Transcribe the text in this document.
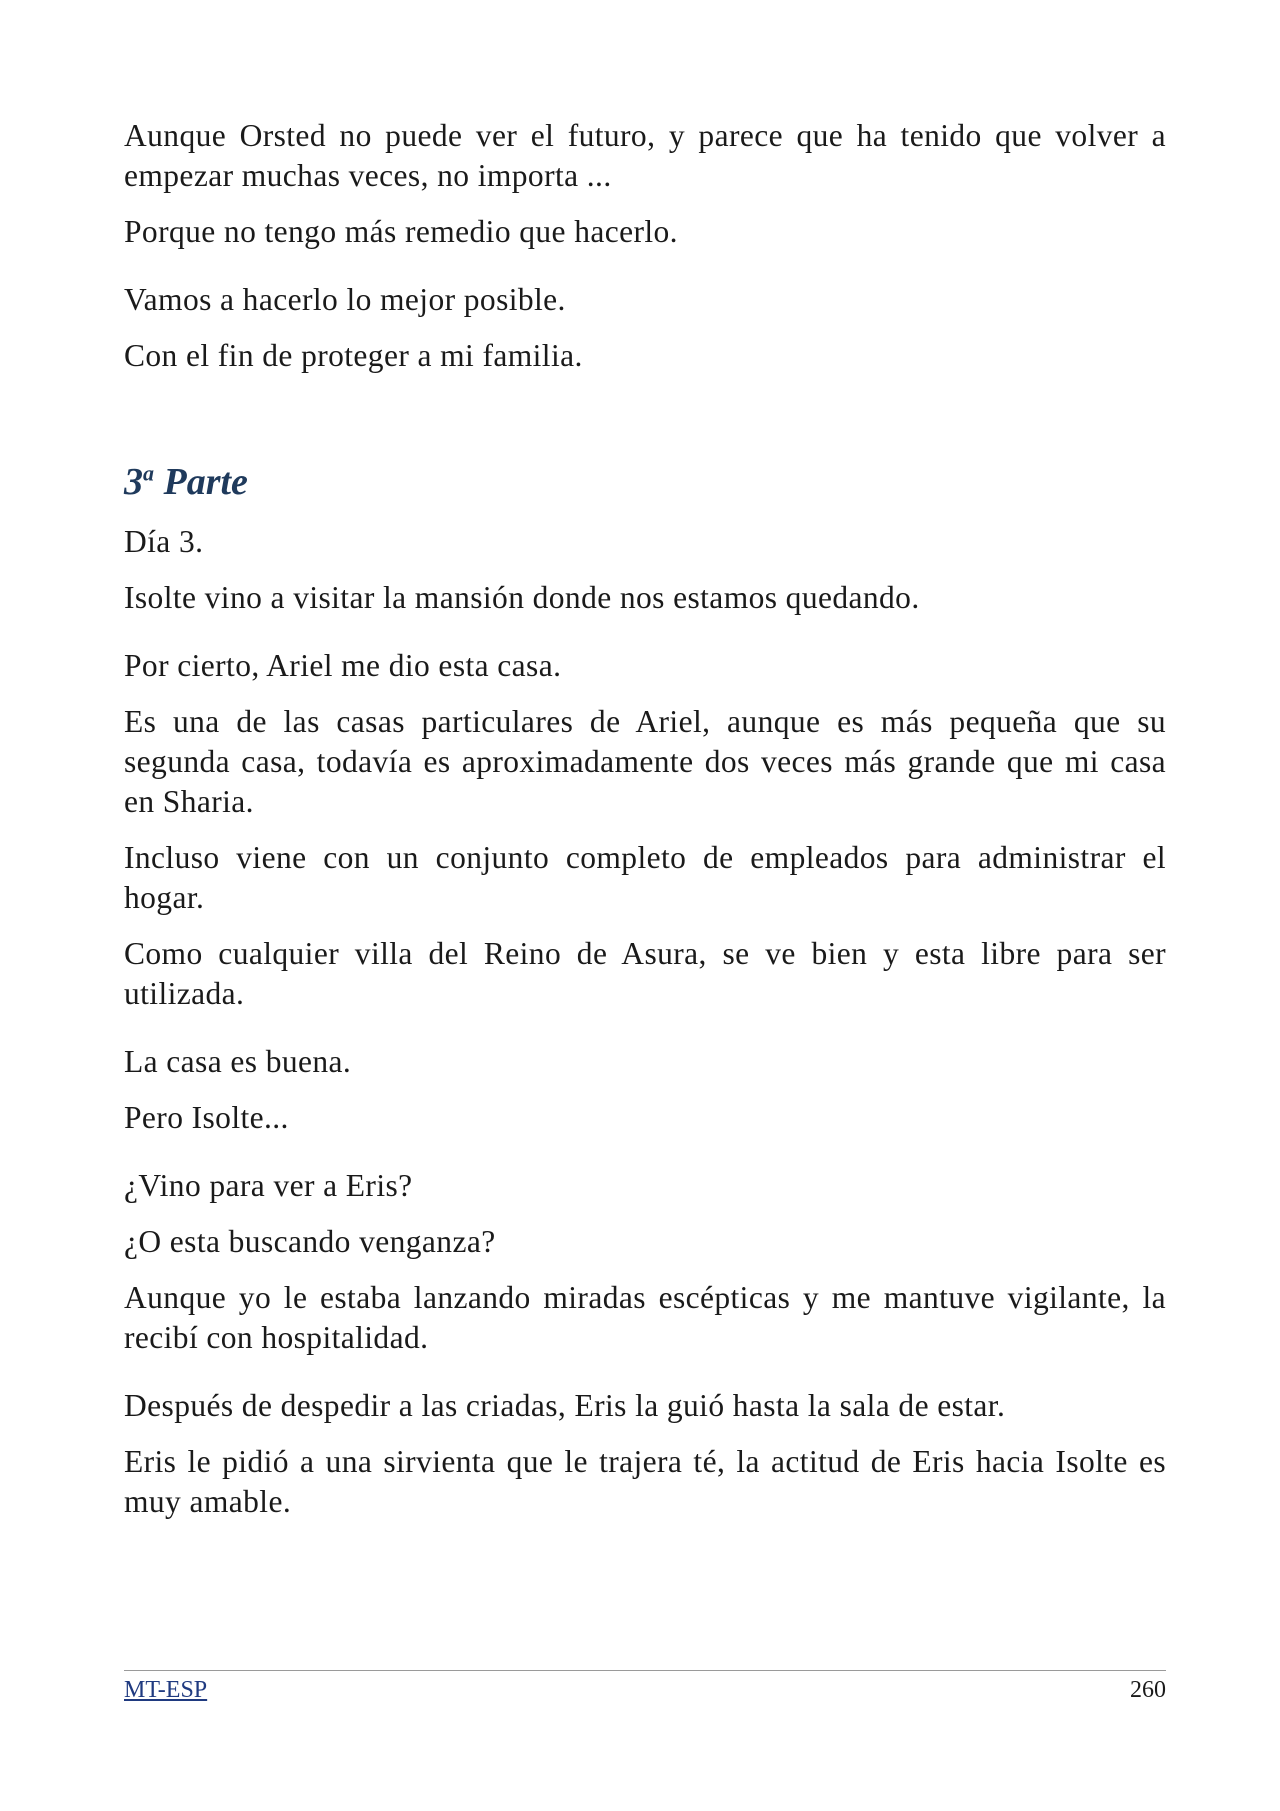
Aunque Orsted no puede ver el futuro, y parece que ha tenido que volver a empezar muchas veces, no importa ...

Porque no tengo más remedio que hacerlo.

Vamos a hacerlo lo mejor posible.

Con el fin de proteger a mi familia.

3$^a$ Parte

Día 3.

Isolte vino a visitar la mansión donde nos estamos quedando.

Por cierto, Ariel me dio esta casa.

Es una de las casas particulares de Ariel, aunque es más pequeña que su segunda casa, todavía es aproximadamente dos veces más grande que mi casa en Sharia.

Incluso viene con un conjunto completo de empleados para administrar el hogar.

Como cualquier villa del Reino de Asura, se ve bien y esta libre para ser utilizada.

La casa es buena.

Pero Isolte...

¿Vino para ver a Eris?

¿O esta buscando venganza?

Aunque yo le estaba lanzando miradas escépticas y me mantuve vigilante, la recibí con hospitalidad.

Después de despedir a las criadas, Eris la guió hasta la sala de estar.

Eris le pidió a una sirvienta que le trajera té, la actitud de Eris hacia Isolte es muy amable.

MT-ESP	260
